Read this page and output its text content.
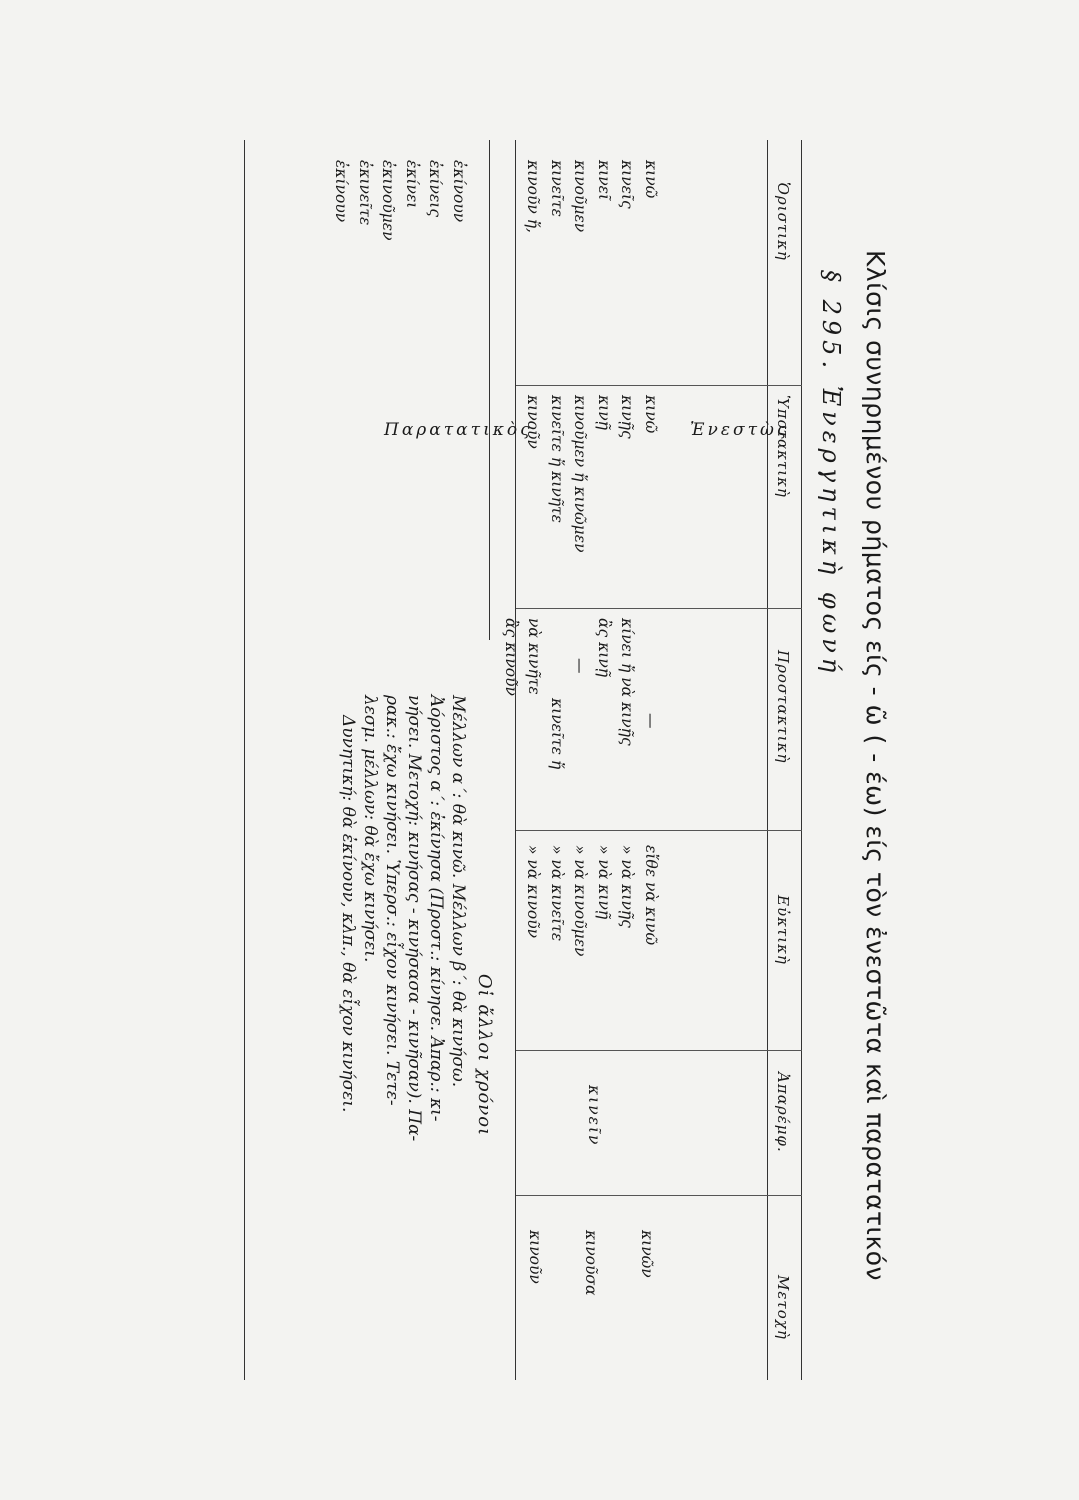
Κλίσις συνηρημένου ρήματος είς - ῶ ( - έω) είς τὸν ἐνεστῶτα καὶ παρατατικόν
§ 295. Ἐνεργητικὴ φωνή
Ὁριστικὴ
Ὑποτακτικὴ
Προστακτικὴ
Εὐκτικὴ
Ἀπαρέμφ.
Μετοχὴ
Ἐνεστὼς
Παρατατικὸς
κινῶ
κινεῖς
κινεῖ
κινοῦμεν
κινεῖτε
κινοῦν ἤ,
κινῶ
κινῇς
κινῇ
κινοῦμεν ἤ κινῶμεν
κινεῖτε ἤ κινῆτε
κινοῦν
—
κίνει ἤ νὰ κινῇς
ἂς κινῇ
—
κινεῖτε ἤ
νὰ κινῆτε
ἂς κινοῦν
εἴθε νὰ κινῶ
» νὰ κινῇς
» νὰ κινῇ
» νὰ κινοῦμεν
» νὰ κινεῖτε
» νὰ κινοῦν
κινεῖν
κινῶν
κινοῦσα
κινοῦν
ἐκίνουν
ἐκίνεις
ἐκίνει
ἐκινοῦμεν
ἐκινεῖτε
ἐκίνουν
Οἱ ἄλλοι χρόνοι
Μέλλων α΄: θὰ κινῶ. Μέλλων β΄: θὰ κινήσω.
Ἀόριστος α΄: ἐκίνησα (Προστ.: κίνησε. Ἀπαρ.: κι-
νήσει. Μετοχή: κινήσας - κινήσασα - κινῆσαν). Πα-
ρακ.: ἔχω κινήσει. Ὑπερσ.: εἶχον κινήσει. Τετε-
λεσμ. μέλλων: θὰ ἔχω κινήσει.
Δυνητική: θὰ ἐκίνουν, κλπ., θὰ εἶχον κινήσει.
